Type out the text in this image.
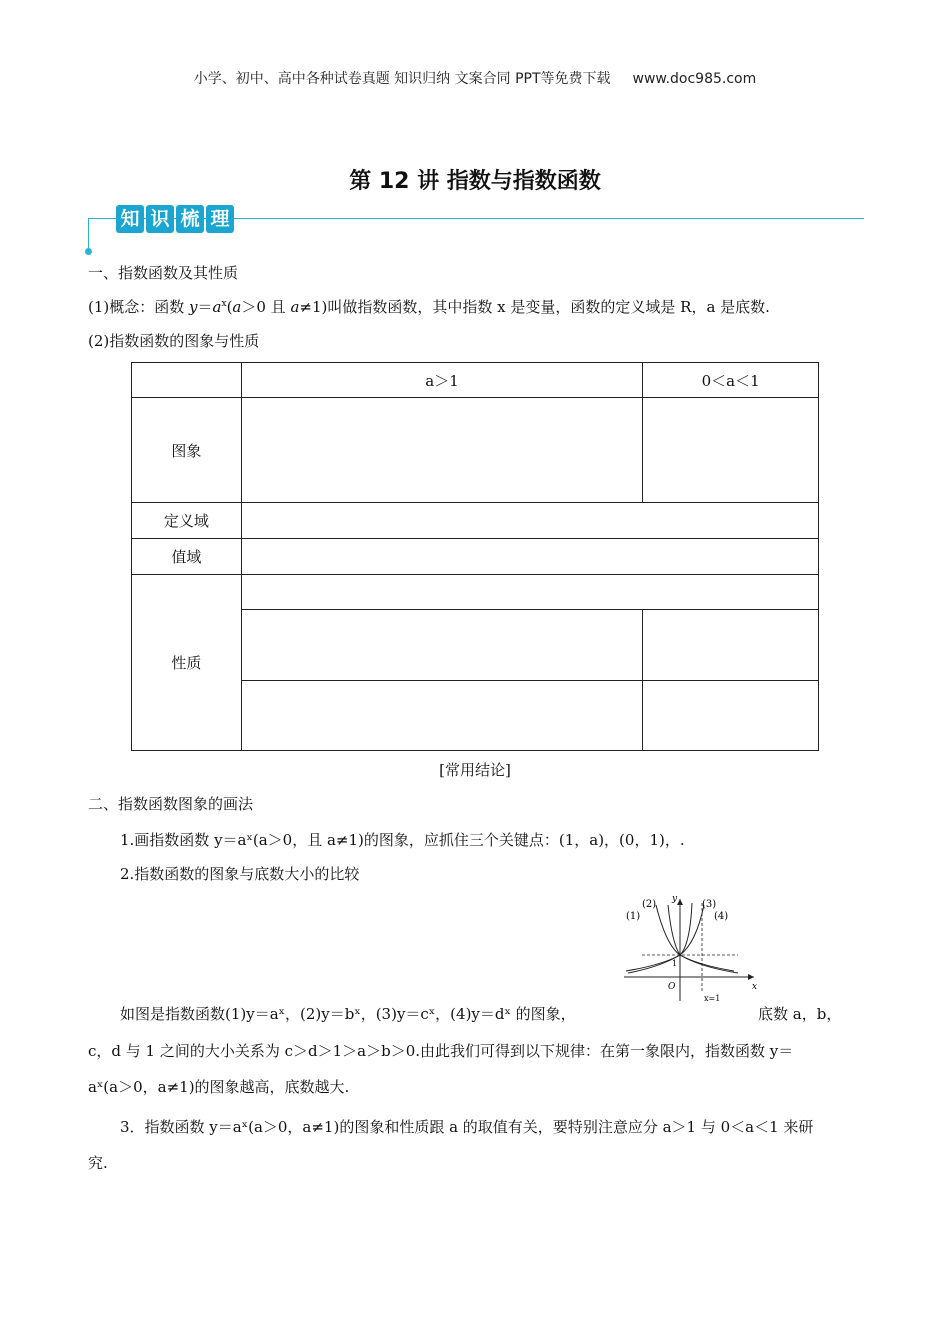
小学、初中、高中各种试卷真题 知识归纳 文案合同 PPT等免费下载 www.doc985.com
第 12 讲 指数与指数函数
知 识 梳 理
一、指数函数及其性质
(1)概念：函数 $y=a^x(a>0$ 且 a≠1)叫做指数函数，其中指数 x 是变量，函数的定义域是 R，a 是底数.
(2)指数函数的图象与性质
	a＞1	0＜a＜1
图象		
定义域		
值域		
性质		

[常用结论]
二、指数函数图象的画法
1.画指数函数 y＝aˣ(a＞0，且 a≠1)的图象，应抓住三个关键点：(1，a)，(0，1)，.
2.指数函数的图象与底数大小的比较
(1)
(2)	(3)
(4)
y
x
O
1
x=1
如图是指数函数(1)y＝aˣ，(2)y＝bˣ，(3)y＝cˣ，(4)y＝dˣ 的图象，	底数 a，b，
c，d 与 1 之间的大小关系为 c＞d＞1＞a＞b＞0.由此我们可得到以下规律：在第一象限内，指数函数 y＝
aˣ(a＞0，a≠1)的图象越高，底数越大.
3．指数函数 y＝aˣ(a＞0，a≠1)的图象和性质跟 a 的取值有关，要特别注意应分 a＞1 与 0＜a＜1 来研
究.
